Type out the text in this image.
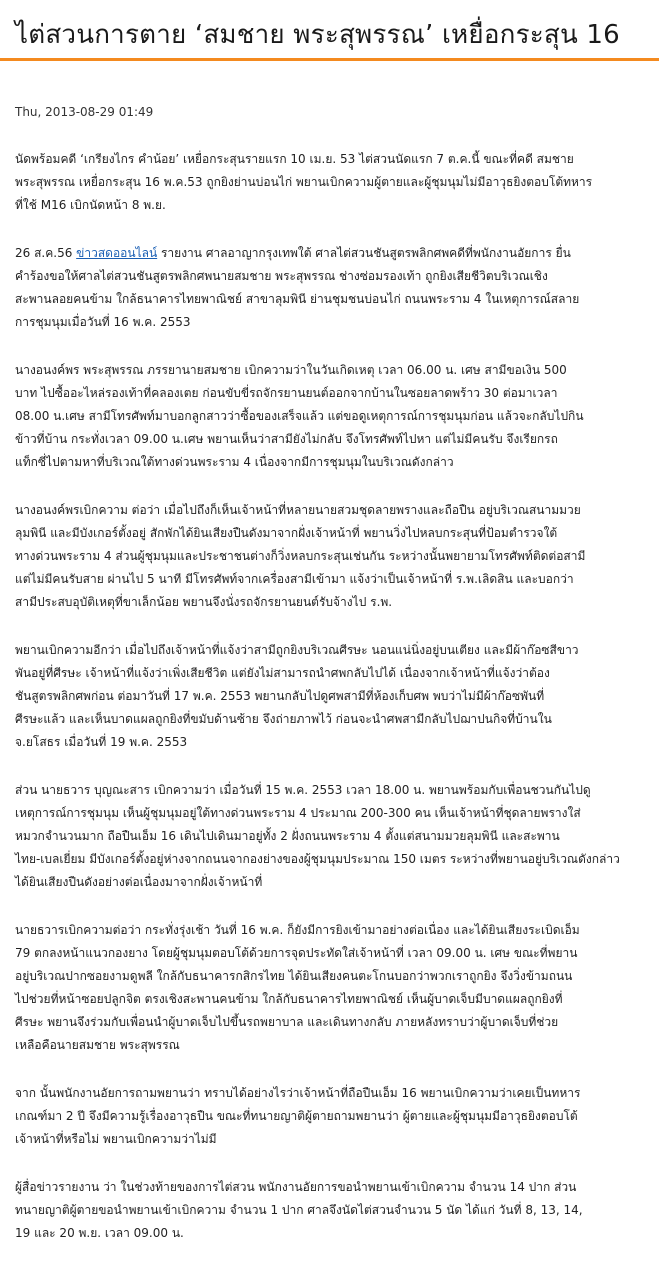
ไต่สวนการตาย ‘สมชาย พระสุพรรณ’ เหยื่อกระสุน 16
Thu, 2013-08-29 01:49

นัดพร้อมคดี ‘เกรียงไกร คำน้อย’ เหยื่อกระสุนรายแรก 10 เม.ย. 53 ไต่สวนนัดแรก 7 ต.ค.นี้ ขณะที่คดี สมชาย
พระสุพรรณ เหยื่อกระสุน 16 พ.ค.53 ถูกยิงย่านบ่อนไก่ พยานเบิกความผู้ตายและผู้ชุมนุมไม่มีอาวุธยิงตอบโต้ทหาร
ที่ใช้ M16 เบิกนัดหน้า 8 พ.ย.

26 ส.ค.56 ข่าวสดออนไลน์ รายงาน ศาลอาญากรุงเทพใต้ ศาลไต่สวนชันสูตรพลิกศพคดีที่พนักงานอัยการ ยื่น
คำร้องขอให้ศาลไต่สวนชันสูตรพลิกศพนายสมชาย พระสุพรรณ ช่างซ่อมรองเท้า ถูกยิงเสียชีวิตบริเวณเชิง
สะพานลอยคนข้าม ใกล้ธนาคารไทยพาณิชย์ สาขาลุมพินี ย่านชุมชนบ่อนไก่ ถนนพระราม 4 ในเหตุการณ์สลาย
การชุมนุมเมื่อวันที่ 16 พ.ค. 2553

นางอนงค์พร พระสุพรรณ ภรรยานายสมชาย เบิกความว่าในวันเกิดเหตุ เวลา 06.00 น. เศษ สามีขอเงิน 500
บาท ไปซื้ออะไหล่รองเท้าที่คลองเตย ก่อนขับขี่รถจักรยานยนต์ออกจากบ้านในซอยลาดพร้าว 30 ต่อมาเวลา
08.00 น.เศษ สามีโทรศัพท์มาบอกลูกสาวว่าซื้อของเสร็จแล้ว แต่ขอดูเหตุการณ์การชุมนุมก่อน แล้วจะกลับไปกิน
ข้าวที่บ้าน กระทั่งเวลา 09.00 น.เศษ พยานเห็นว่าสามียังไม่กลับ จึงโทรศัพท์ไปหา แต่ไม่มีคนรับ จึงเรียกรถ
แท็กซี่ไปตามหาที่บริเวณใต้ทางด่วนพระราม 4 เนื่องจากมีการชุมนุมในบริเวณดังกล่าว

นางอนงค์พรเบิกความ ต่อว่า เมื่อไปถึงก็เห็นเจ้าหน้าที่หลายนายสวมชุดลายพรางและถือปืน อยู่บริเวณสนามมวย
ลุมพินี และมีบังเกอร์ตั้งอยู่ สักพักได้ยินเสียงปืนดังมาจากฝั่งเจ้าหน้าที่ พยานวิ่งไปหลบกระสุนที่ป้อมตำรวจใต้
ทางด่วนพระราม 4 ส่วนผู้ชุมนุมและประชาชนต่างก็วิ่งหลบกระสุนเช่นกัน ระหว่างนั้นพยายามโทรศัพท์ติดต่อสามี
แต่ไม่มีคนรับสาย ผ่านไป 5 นาที มีโทรศัพท์จากเครื่องสามีเข้ามา แจ้งว่าเป็นเจ้าหน้าที่ ร.พ.เลิดสิน และบอกว่า
สามีประสบอุบัติเหตุที่ขาเล็กน้อย พยานจึงนั่งรถจักรยานยนต์รับจ้างไป ร.พ.

พยานเบิกความอีกว่า เมื่อไปถึงเจ้าหน้าที่แจ้งว่าสามีถูกยิงบริเวณศีรษะ นอนแน่นิ่งอยู่บนเตียง และมีผ้าก๊อซสีขาว
พันอยู่ที่ศีรษะ เจ้าหน้าที่แจ้งว่าเพิ่งเสียชีวิต แต่ยังไม่สามารถนำศพกลับไปได้ เนื่องจากเจ้าหน้าที่แจ้งว่าต้อง
ชันสูตรพลิกศพก่อน ต่อมาวันที่ 17 พ.ค. 2553 พยานกลับไปดูศพสามีที่ห้องเก็บศพ พบว่าไม่มีผ้าก๊อซพันที่
ศีรษะแล้ว และเห็นบาดแผลถูกยิงที่ขมับด้านซ้าย จึงถ่ายภาพไว้ ก่อนจะนำศพสามีกลับไปฌาปนกิจที่บ้านใน
จ.ยโสธร เมื่อวันที่ 19 พ.ค. 2553

ส่วน นายธวาร บุญณะสาร เบิกความว่า เมื่อวันที่ 15 พ.ค. 2553 เวลา 18.00 น. พยานพร้อมกับเพื่อนชวนกันไปดู
เหตุการณ์การชุมนุม เห็นผู้ชุมนุมอยู่ใต้ทางด่วนพระราม 4 ประมาณ 200-300 คน เห็นเจ้าหน้าที่ชุดลายพรางใส่
หมวกจำนวนมาก ถือปืนเอ็ม 16 เดินไปเดินมาอยู่ทั้ง 2 ฝั่งถนนพระราม 4 ตั้งแต่สนามมวยลุมพินี และสะพาน
ไทย-เบลเยี่ยม มีบังเกอร์ตั้งอยู่ห่างจากถนนจากองย่างของผู้ชุมนุมประมาณ 150 เมตร ระหว่างที่พยานอยู่บริเวณดังกล่าว
ได้ยินเสียงปืนดังอย่างต่อเนื่องมาจากฝั่งเจ้าหน้าที่

นายธวารเบิกความต่อว่า กระทั่งรุ่งเช้า วันที่ 16 พ.ค. ก็ยังมีการยิงเข้ามาอย่างต่อเนื่อง และได้ยินเสียงระเบิดเอ็ม
79 ตกลงหน้าแนวกองยาง โดยผู้ชุมนุมตอบโต้ด้วยการจุดประทัดใส่เจ้าหน้าที่ เวลา 09.00 น. เศษ ขณะที่พยาน
อยู่บริเวณปากซอยงามดูพลี ใกล้กับธนาคารกสิกรไทย ได้ยินเสียงคนตะโกนบอกว่าพวกเราถูกยิง จึงวิ่งข้ามถนน
ไปช่วยที่หน้าซอยปลูกจิต ตรงเชิงสะพานคนข้าม ใกล้กับธนาคารไทยพาณิชย์ เห็นผู้บาดเจ็บมีบาดแผลถูกยิงที่
ศีรษะ พยานจึงร่วมกับเพื่อนนำผู้บาดเจ็บไปขึ้นรถพยาบาล และเดินทางกลับ ภายหลังทราบว่าผู้บาดเจ็บที่ช่วย
เหลือคือนายสมชาย พระสุพรรณ

จาก นั้นพนักงานอัยการถามพยานว่า ทราบได้อย่างไรว่าเจ้าหน้าที่ถือปืนเอ็ม 16 พยานเบิกความว่าเคยเป็นทหาร
เกณฑ์มา 2 ปี จึงมีความรู้เรื่องอาวุธปืน ขณะที่ทนายญาติผู้ตายถามพยานว่า ผู้ตายและผู้ชุมนุมมีอาวุธยิงตอบโต้
เจ้าหน้าที่หรือไม่ พยานเบิกความว่าไม่มี

ผู้สื่อข่าวรายงาน ว่า ในช่วงท้ายของการไต่สวน พนักงานอัยการขอนำพยานเข้าเบิกความ จำนวน 14 ปาก ส่วน
ทนายญาติผู้ตายขอนำพยานเข้าเบิกความ จำนวน 1 ปาก ศาลจึงนัดไต่สวนจำนวน 5 นัด ได้แก่ วันที่ 8, 13, 14,
19 และ 20 พ.ย. เวลา 09.00 น.
